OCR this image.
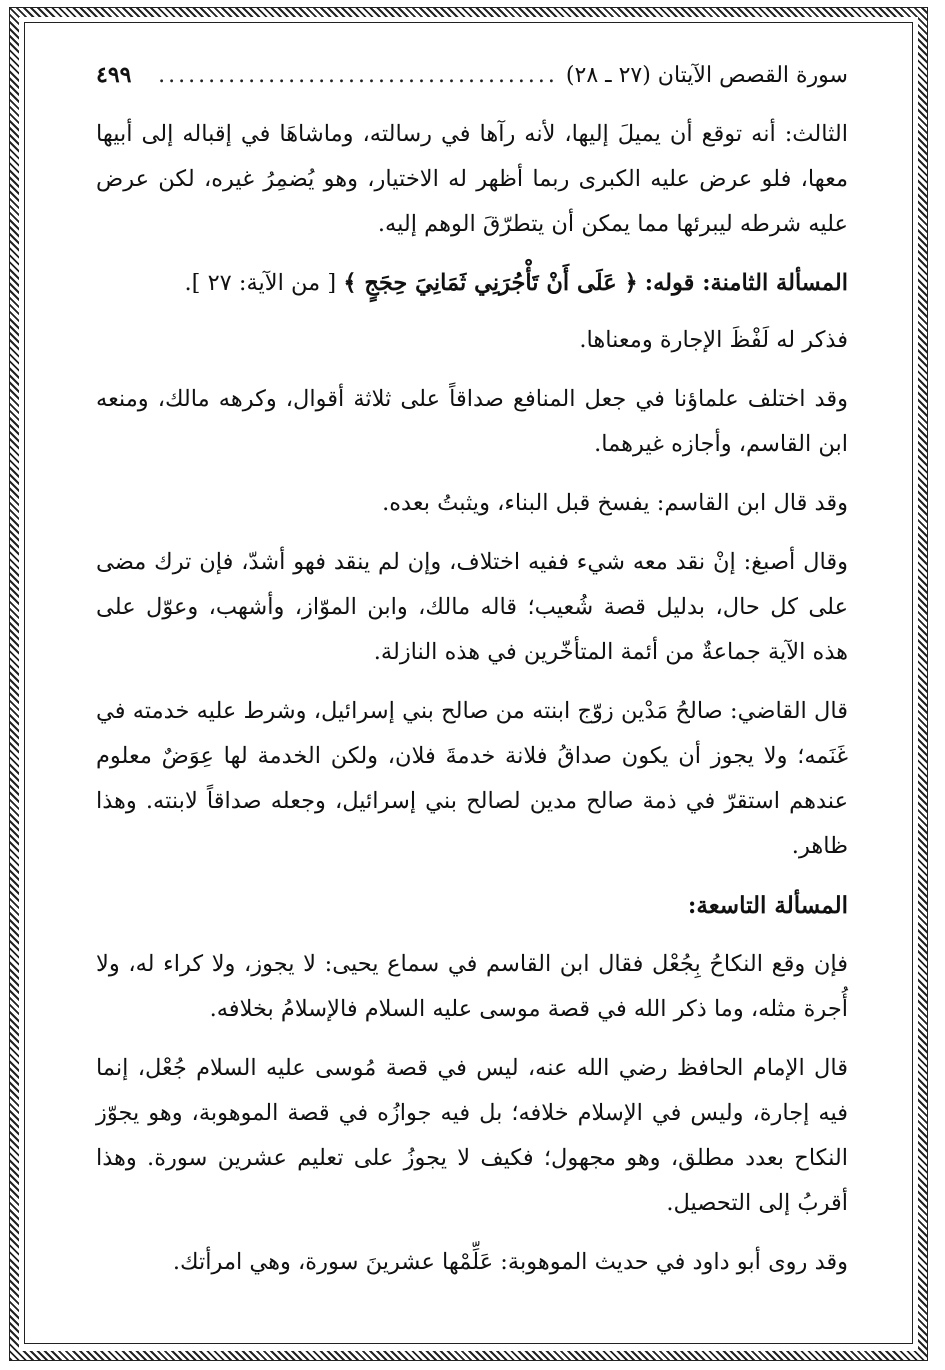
سورة القصص الآيتان (٢٧ ـ ٢٨)
........................................
٤٩٩

الثالث: أنه توقع أن يميلَ إليها، لأنه رآها في رسالته، وماشاهَا في إقباله إلى أبيها معها، فلو عرض عليه الكبرى ربما أظهر له الاختيار، وهو يُضمِرُ غيره، لكن عرض عليه شرطه ليبرئها مما يمكن أن يتطرّقَ الوهم إليه.

المسألة الثامنة: قوله: ﴿ عَلَى أَنْ تَأْجُرَنِي ثَمَانِيَ حِجَجٍ ﴾ [ من الآية: ٢٧ ].

فذكر له لَفْظَ الإجارة ومعناها.

وقد اختلف علماؤنا في جعل المنافع صداقاً على ثلاثة أقوال، وكرهه مالك، ومنعه ابن القاسم، وأجازه غيرهما.

وقد قال ابن القاسم: يفسخ قبل البناء، ويثبتُ بعده.

وقال أصبغ: إنْ نقد معه شيء ففيه اختلاف، وإن لم ينقد فهو أشدّ، فإن ترك مضى على كل حال، بدليل قصة شُعيب؛ قاله مالك، وابن الموّاز، وأشهب، وعوّل على هذه الآية جماعةٌ من أئمة المتأخّرين في هذه النازلة.

قال القاضي: صالحُ مَدْين زوّج ابنته من صالح بني إسرائيل، وشرط عليه خدمته في غَنَمه؛ ولا يجوز أن يكون صداقُ فلانة خدمةَ فلان، ولكن الخدمة لها عِوَضٌ معلوم عندهم استقرّ في ذمة صالح مدين لصالح بني إسرائيل، وجعله صداقاً لابنته. وهذا ظاهر.

المسألة التاسعة:

فإن وقع النكاحُ بِجُعْل فقال ابن القاسم في سماع يحيى: لا يجوز، ولا كراء له، ولا أُجرة مثله، وما ذكر الله في قصة موسى عليه السلام فالإسلامُ بخلافه.

قال الإمام الحافظ رضي الله عنه، ليس في قصة مُوسى عليه السلام جُعْل، إنما فيه إجارة، وليس في الإسلام خلافه؛ بل فيه جوازُه في قصة الموهوبة، وهو يجوّز النكاح بعدد مطلق، وهو مجهول؛ فكيف لا يجوزُ على تعليم عشرين سورة. وهذا أقربُ إلى التحصيل.

وقد روى أبو داود في حديث الموهوبة: عَلِّمْها عشرينَ سورة، وهي امرأتك.
